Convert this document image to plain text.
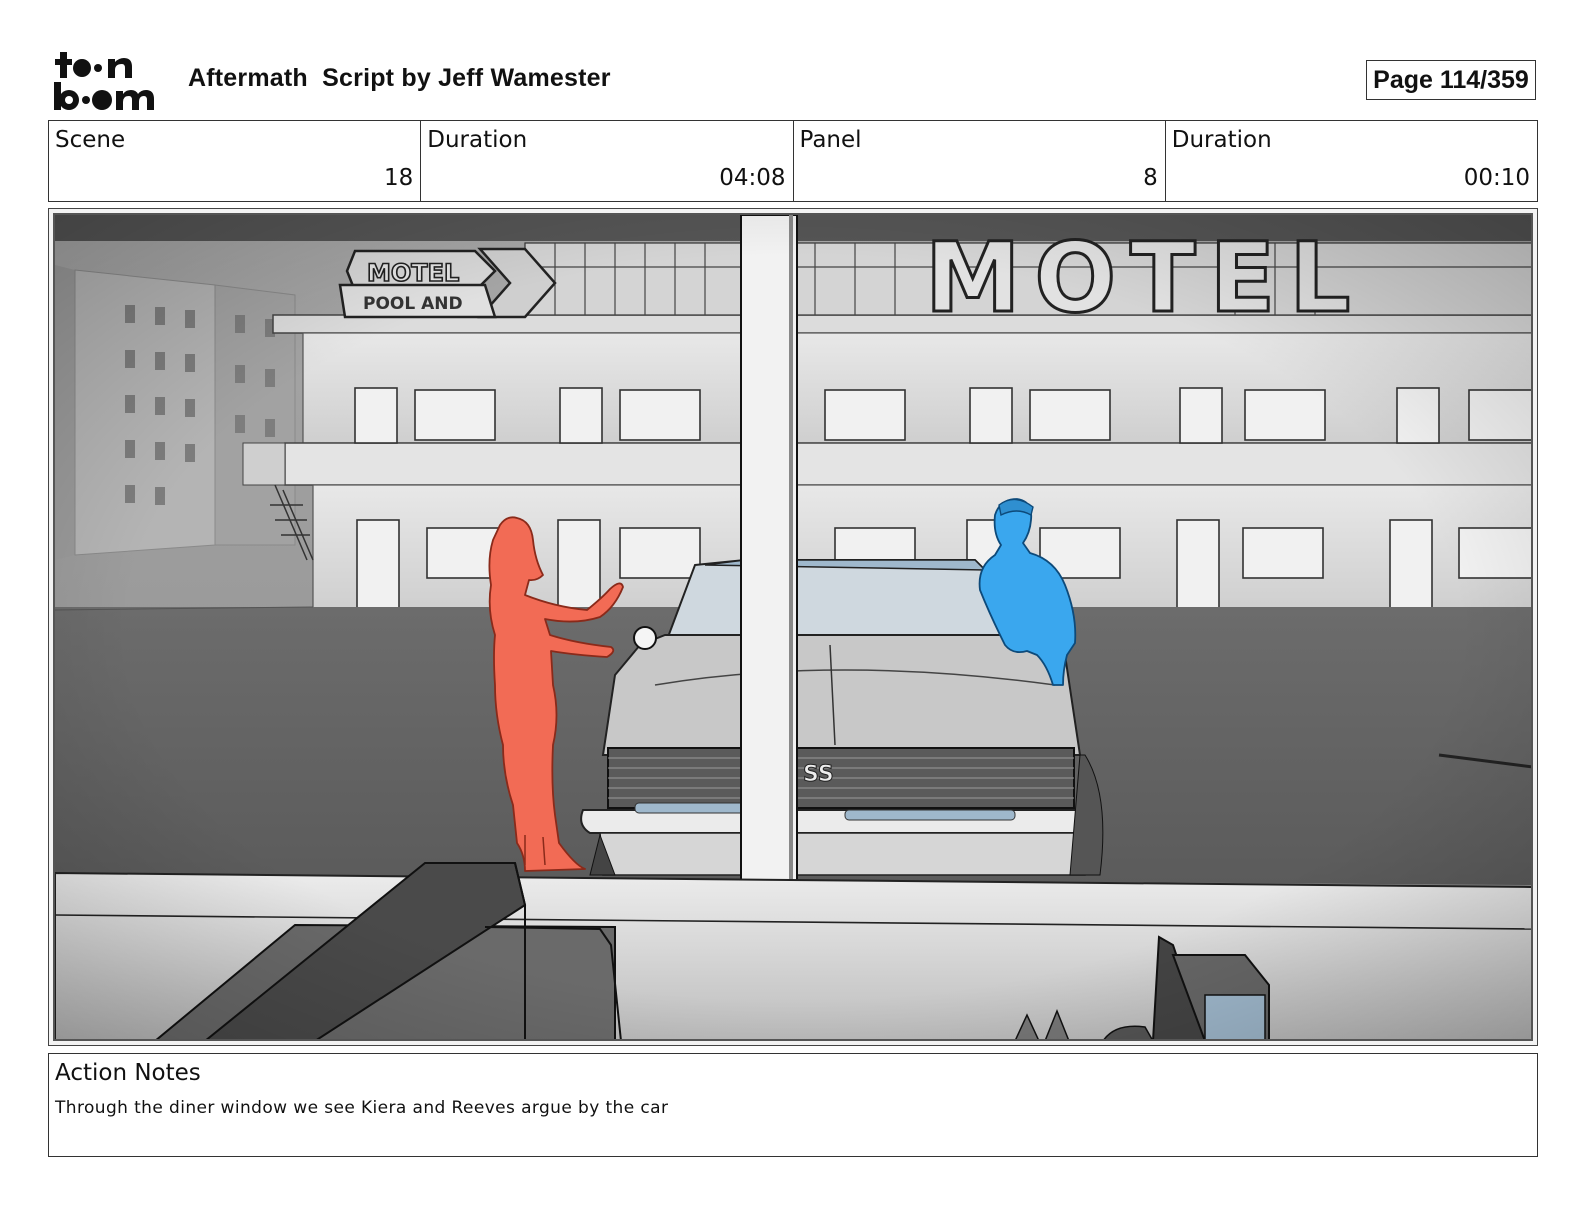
Aftermath  Script by Jeff Wamester	Page 114/359
Scene
18
Duration
04:08
Panel
8
Duration
00:10
Action Notes
Through the diner window we see Kiera and Reeves argue by the car
